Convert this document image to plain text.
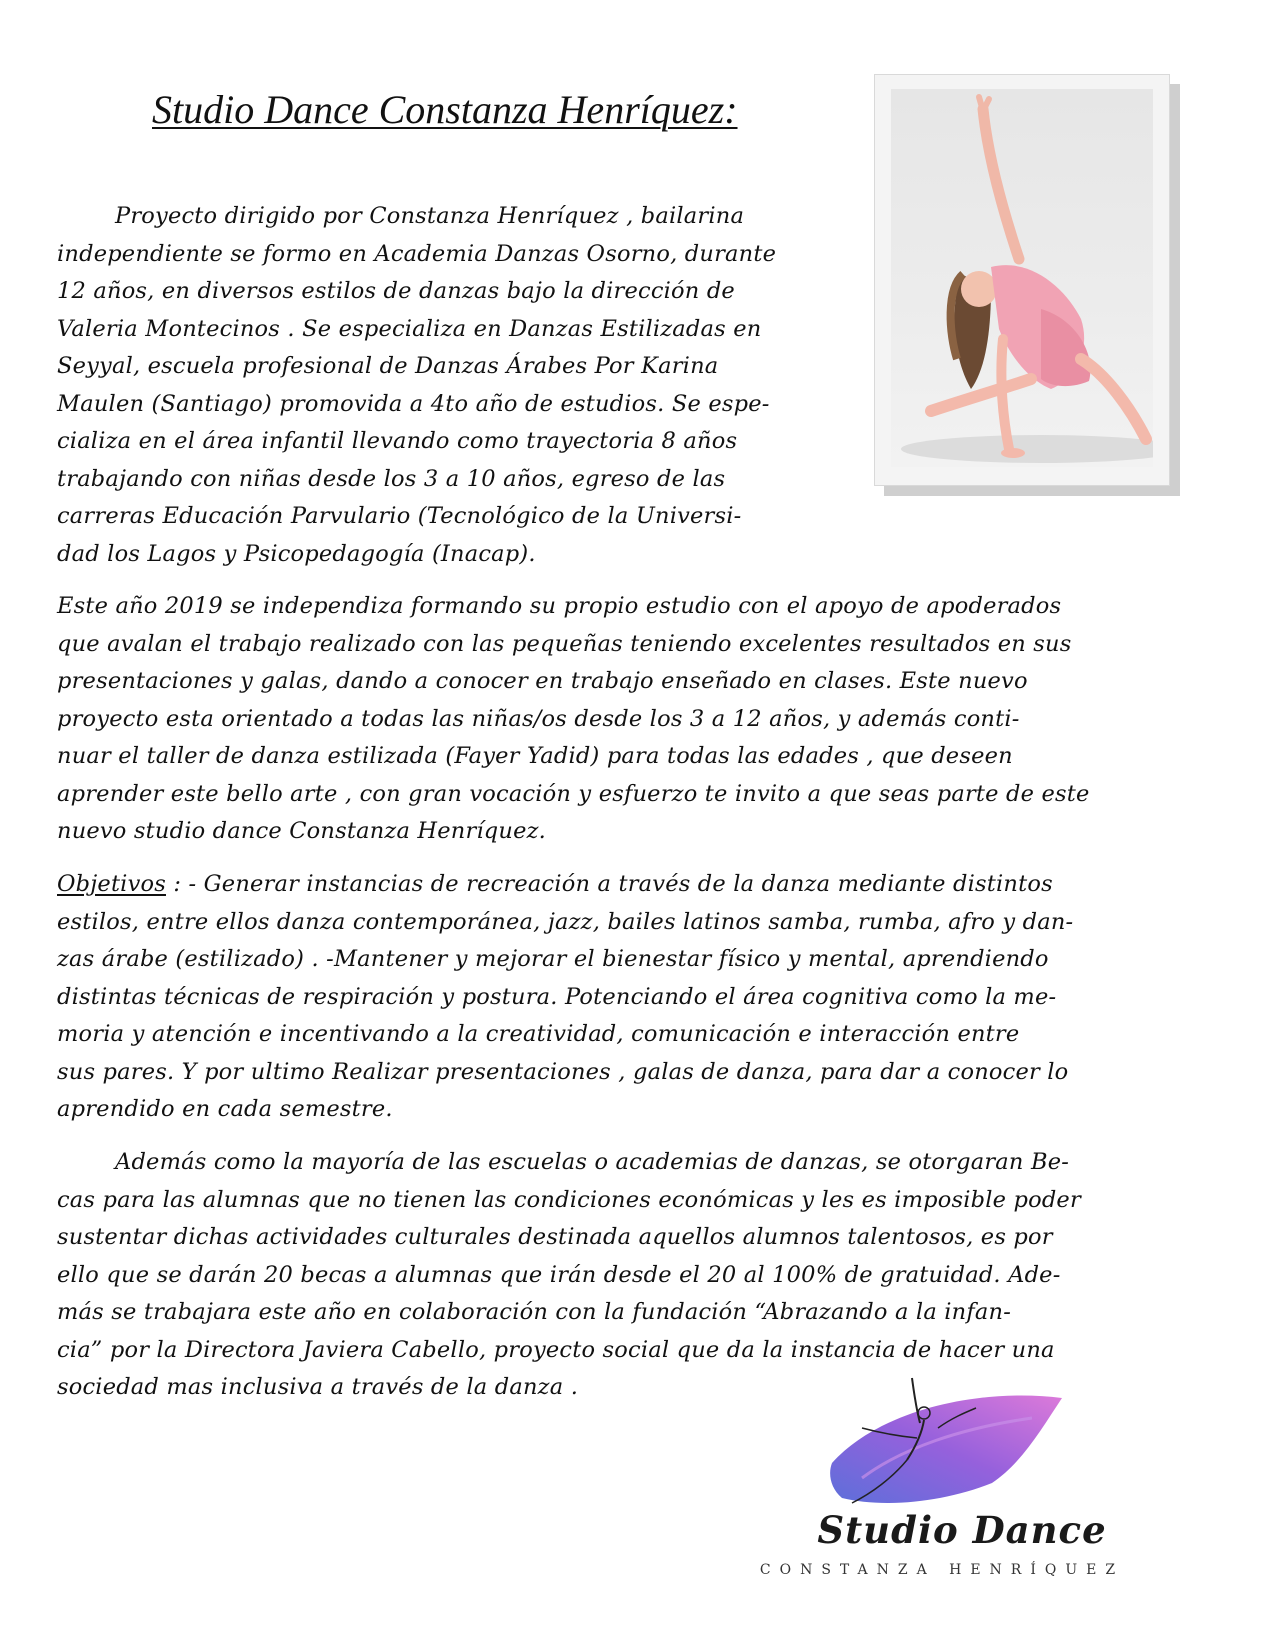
Studio Dance Constanza Henríquez:
Proyecto dirigido por Constanza Henríquez , bailarina
independiente se formo en Academia Danzas Osorno, durante
12 años, en diversos estilos de danzas bajo la dirección de
Valeria Montecinos . Se especializa en Danzas Estilizadas en
Seyyal, escuela profesional de Danzas Árabes Por Karina
Maulen (Santiago) promovida a 4to año de estudios. Se espe-
cializa en el área infantil llevando como trayectoria 8 años
trabajando con niñas desde los 3 a 10 años, egreso de las
carreras Educación Parvulario (Tecnológico de la Universi-
dad los Lagos y Psicopedagogía (Inacap).
Este año 2019 se independiza formando su propio estudio con el apoyo de apoderados
que avalan el trabajo realizado con las pequeñas teniendo excelentes resultados en sus
presentaciones y galas, dando a conocer en trabajo enseñado en clases. Este nuevo
proyecto esta orientado a todas las niñas/os desde los 3 a 12 años, y además conti-
nuar el taller de danza estilizada (Fayer Yadid) para todas las edades , que deseen
aprender este bello arte , con gran vocación y esfuerzo te invito a que seas parte de este
nuevo studio dance Constanza Henríquez.
Objetivos : - Generar instancias de recreación a través de la danza mediante distintos
estilos, entre ellos danza contemporánea, jazz, bailes latinos samba, rumba, afro y dan-
zas árabe (estilizado) . -Mantener y mejorar el bienestar físico y mental, aprendiendo
distintas técnicas de respiración y postura. Potenciando el área cognitiva como la me-
moria y atención e incentivando a la creatividad, comunicación e interacción entre
sus pares. Y por ultimo Realizar presentaciones , galas de danza, para dar a conocer lo
aprendido en cada semestre.
Además como la mayoría de las escuelas o academias de danzas, se otorgaran Be-
cas para las alumnas que no tienen las condiciones económicas y les es imposible poder
sustentar dichas actividades culturales destinada aquellos alumnos talentosos, es por
ello que se darán 20 becas a alumnas que irán desde el 20 al 100% de gratuidad. Ade-
más se trabajara este año en colaboración con la fundación “Abrazando a la infan-
cia” por la Directora Javiera Cabello, proyecto social que da la instancia de hacer una
sociedad mas inclusiva a través de la danza .
Studio Dance
CONSTANZA HENRÍQUEZ
